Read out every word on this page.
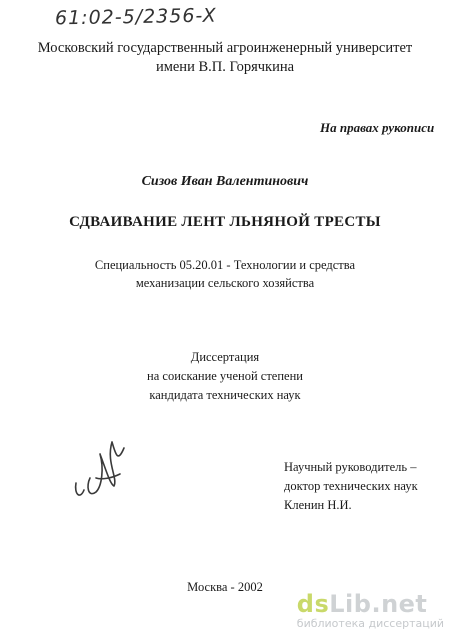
61:02-5/2356-X
Московский государственный агроинженерный университет
имени В.П. Горячкина
На правах рукописи
Сизов Иван Валентинович
СДВАИВАНИЕ ЛЕНТ ЛЬНЯНОЙ ТРЕСТЫ
Специальность 05.20.01 - Технологии и средства
механизации сельского хозяйства
Диссертация
на соискание ученой степени
кандидата технических наук
Научный руководитель –
доктор технических наук
Кленин Н.И.
Москва - 2002
dsLib.net
библиотека диссертаций
